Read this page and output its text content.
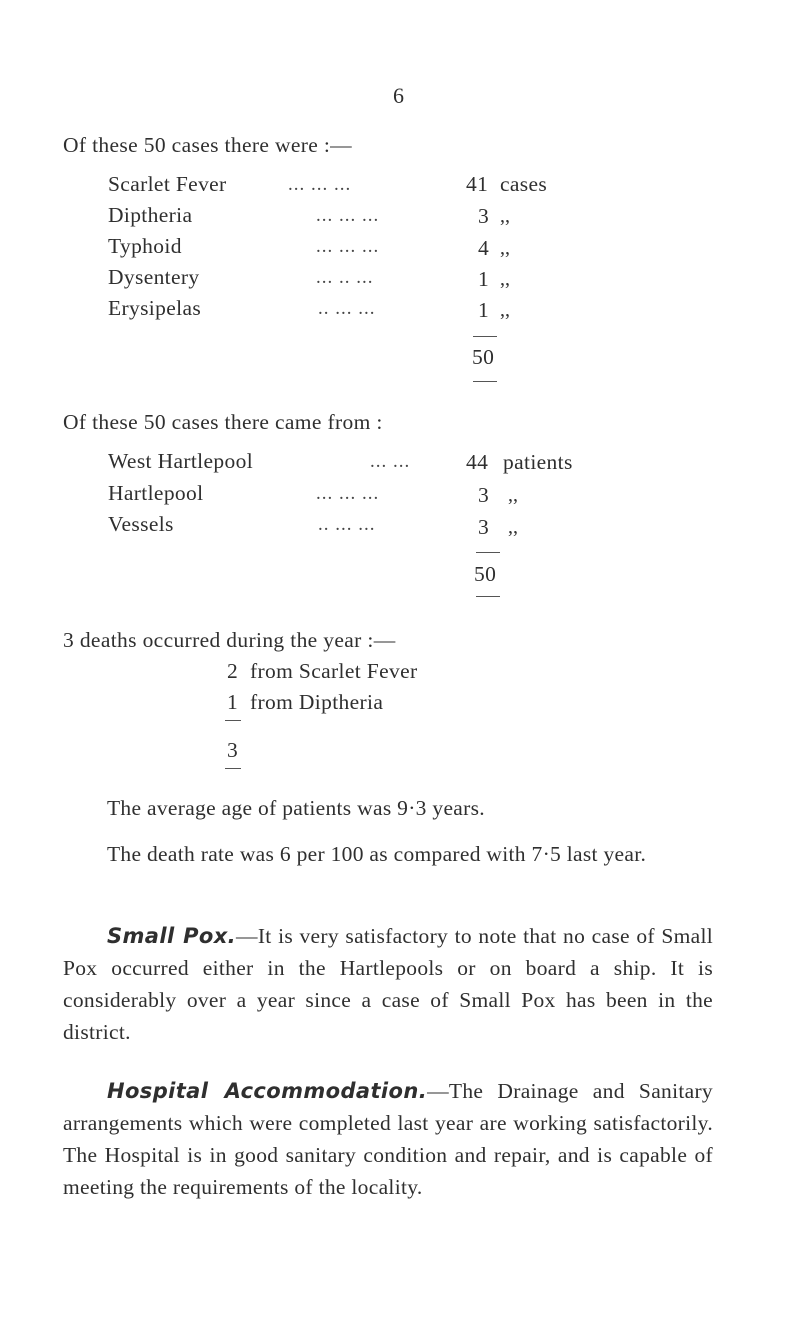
6
Of these 50 cases there were :—
Scarlet Fever	... ... ...	41 cases
Diptheria	... ... ...	3 ,,
Typhoid	... ... ...	4 ,,
Dysentery	... .. ...	1 ,,
Erysipelas	.. ... ...	1 ,,
50
Of these 50 cases there came from :
West Hartlepool	... ...	44 patients
Hartlepool	... ... ...	3 ,,
Vessels	.. ... ...	3 ,,
50
3 deaths occurred during the year :—
2 from Scarlet Fever
1 from Diptheria
3

The average age of patients was 9·3 years.

The death rate was 6 per 100 as compared with 7·5 last year.

Small Pox.—It is very satisfactory to note that no case of Small Pox occurred either in the Hartlepools or on board a ship. It is considerably over a year since a case of Small Pox has been in the district.

Hospital Accommodation.—The Drainage and Sanitary arrangements which were completed last year are working satisfactorily. The Hospital is in good sanitary condition and repair, and is capable of meeting the requirements of the locality.
